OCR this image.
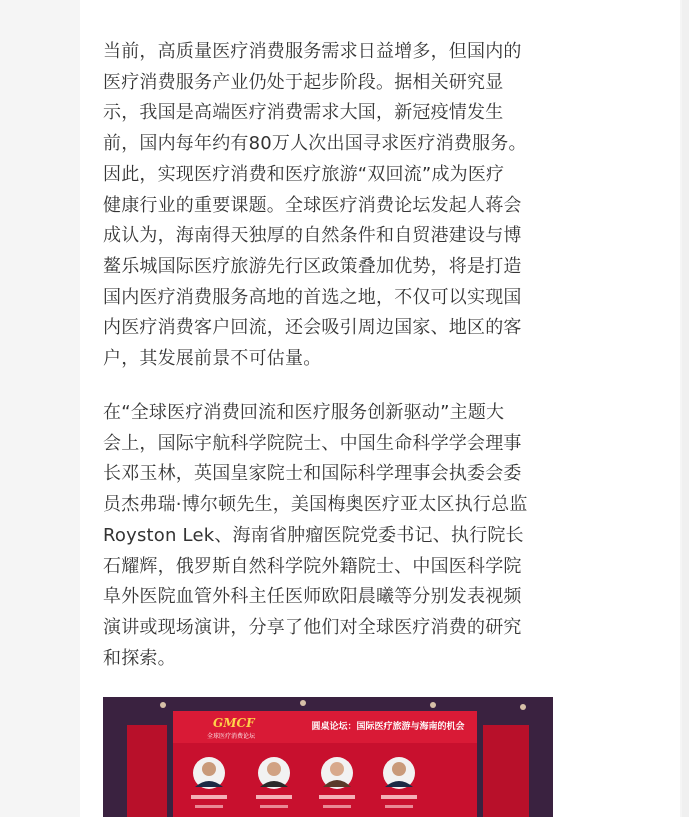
当前，高质量医疗消费服务需求日益增多，但国内的
医疗消费服务产业仍处于起步阶段。据相关研究显
示，我国是高端医疗消费需求大国，新冠疫情发生
前，国内每年约有80万人次出国寻求医疗消费服务。
因此，实现医疗消费和医疗旅游“双回流”成为医疗
健康行业的重要课题。全球医疗消费论坛发起人蒋会
成认为，海南得天独厚的自然条件和自贸港建设与博
鳌乐城国际医疗旅游先行区政策叠加优势，将是打造
国内医疗消费服务高地的首选之地，不仅可以实现国
内医疗消费客户回流，还会吸引周边国家、地区的客
户，其发展前景不可估量。
在“全球医疗消费回流和医疗服务创新驱动”主题大
会上，国际宇航科学院院士、中国生命科学学会理事
长邓玉林，英国皇家院士和国际科学理事会执委会委
员杰弗瑞·博尔顿先生，美国梅奥医疗亚太区执行总监
Royston Lek、海南省肿瘤医院党委书记、执行院长
石耀辉，俄罗斯自然科学院外籍院士、中国医科学院
阜外医院血管外科主任医师欧阳晨曦等分别发表视频
演讲或现场演讲，分享了他们对全球医疗消费的研究
和探索。
GMCF
全球医疗消费论坛
圆桌论坛：国际医疗旅游与海南的机会
